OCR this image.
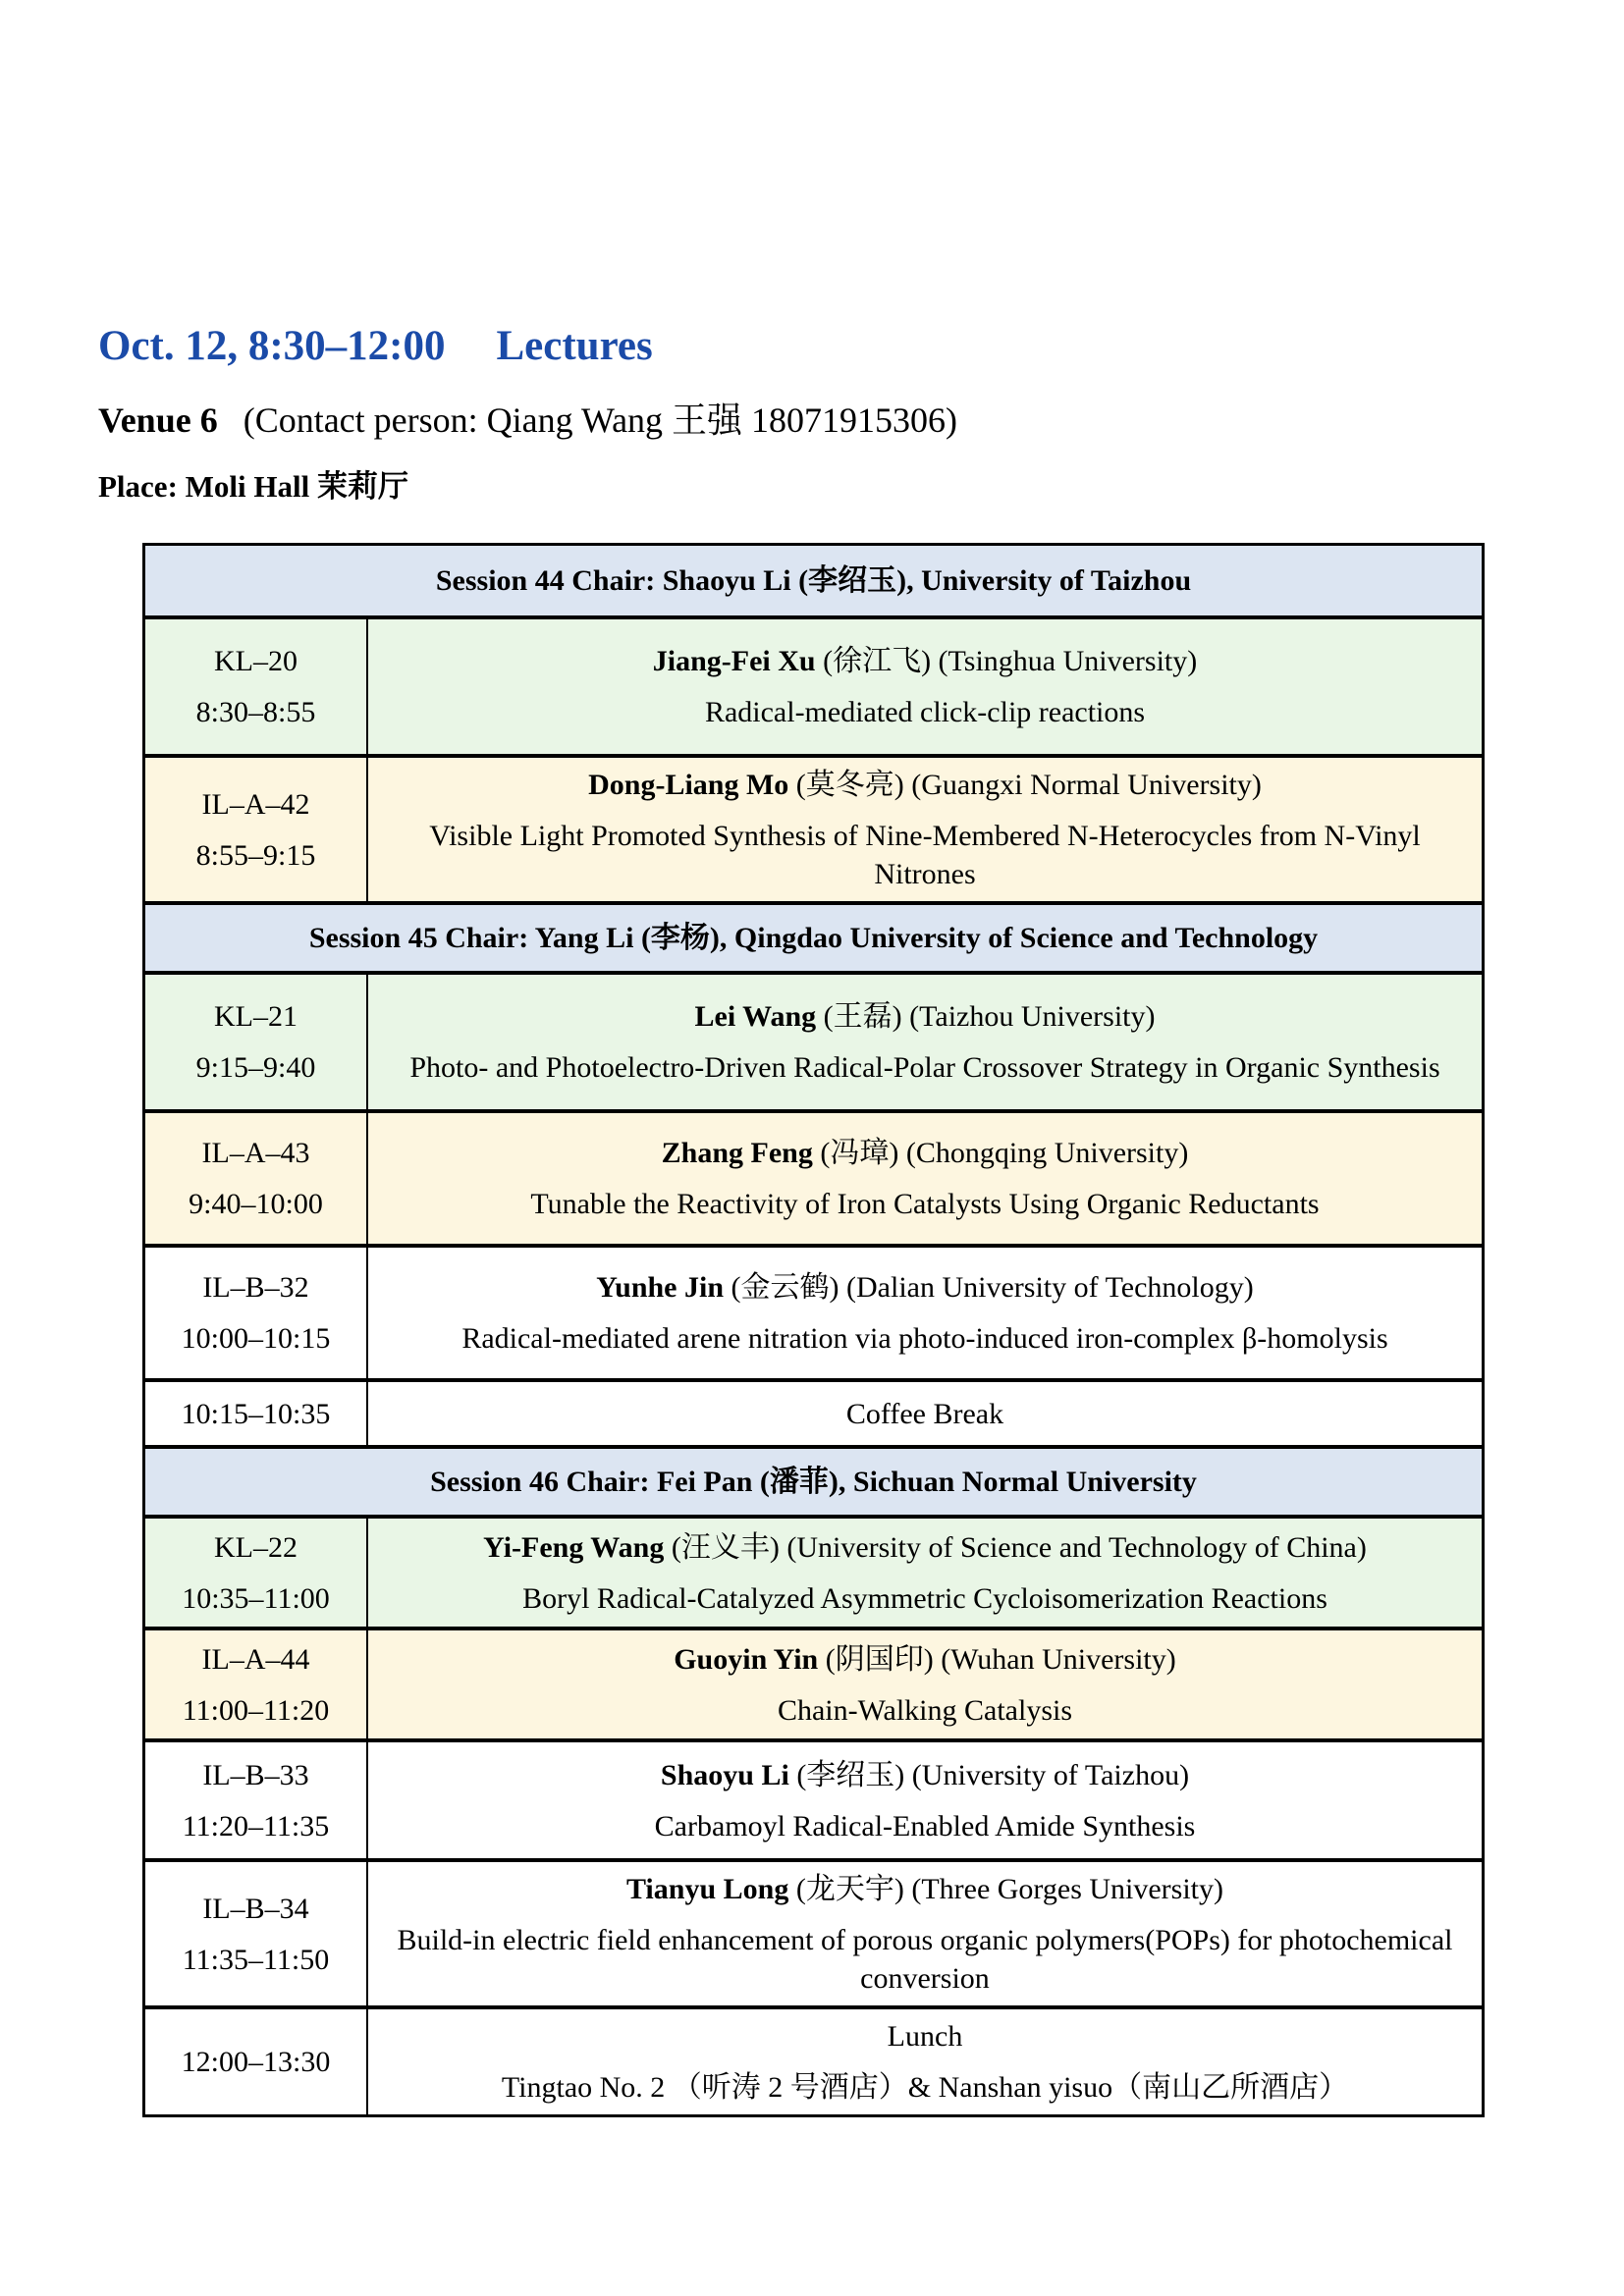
Oct. 12, 8:30–12:00 Lectures
Venue 6 (Contact person: Qiang Wang 王强 18071915306)
Place: Moli Hall 茉莉厅
Session 44 Chair: Shaoyu Li (李绍玉), University of Taizhou
KL–20
8:30–8:55
Jiang-Fei Xu (徐江飞) (Tsinghua University)
Radical-mediated click-clip reactions
IL–A–42
8:55–9:15
Dong-Liang Mo (莫冬亮) (Guangxi Normal University)
Visible Light Promoted Synthesis of Nine-Membered N-Heterocycles from N-Vinyl Nitrones
Session 45 Chair: Yang Li (李杨), Qingdao University of Science and Technology
KL–21
9:15–9:40
Lei Wang (王磊) (Taizhou University)
Photo- and Photoelectro-Driven Radical-Polar Crossover Strategy in Organic Synthesis
IL–A–43
9:40–10:00
Zhang Feng (冯璋) (Chongqing University)
Tunable the Reactivity of Iron Catalysts Using Organic Reductants
IL–B–32
10:00–10:15
Yunhe Jin (金云鹤) (Dalian University of Technology)
Radical-mediated arene nitration via photo-induced iron-complex β-homolysis
10:15–10:35	Coffee Break
Session 46 Chair: Fei Pan (潘菲), Sichuan Normal University
KL–22
10:35–11:00
Yi-Feng Wang (汪义丰) (University of Science and Technology of China)
Boryl Radical-Catalyzed Asymmetric Cycloisomerization Reactions
IL–A–44
11:00–11:20
Guoyin Yin (阴国印) (Wuhan University)
Chain-Walking Catalysis
IL–B–33
11:20–11:35
Shaoyu Li (李绍玉) (University of Taizhou)
Carbamoyl Radical-Enabled Amide Synthesis
IL–B–34
11:35–11:50
Tianyu Long (龙天宇) (Three Gorges University)
Build-in electric field enhancement of porous organic polymers(POPs) for photochemical conversion
12:00–13:30
Lunch
Tingtao No. 2 （听涛 2 号酒店）& Nanshan yisuo（南山乙所酒店）
